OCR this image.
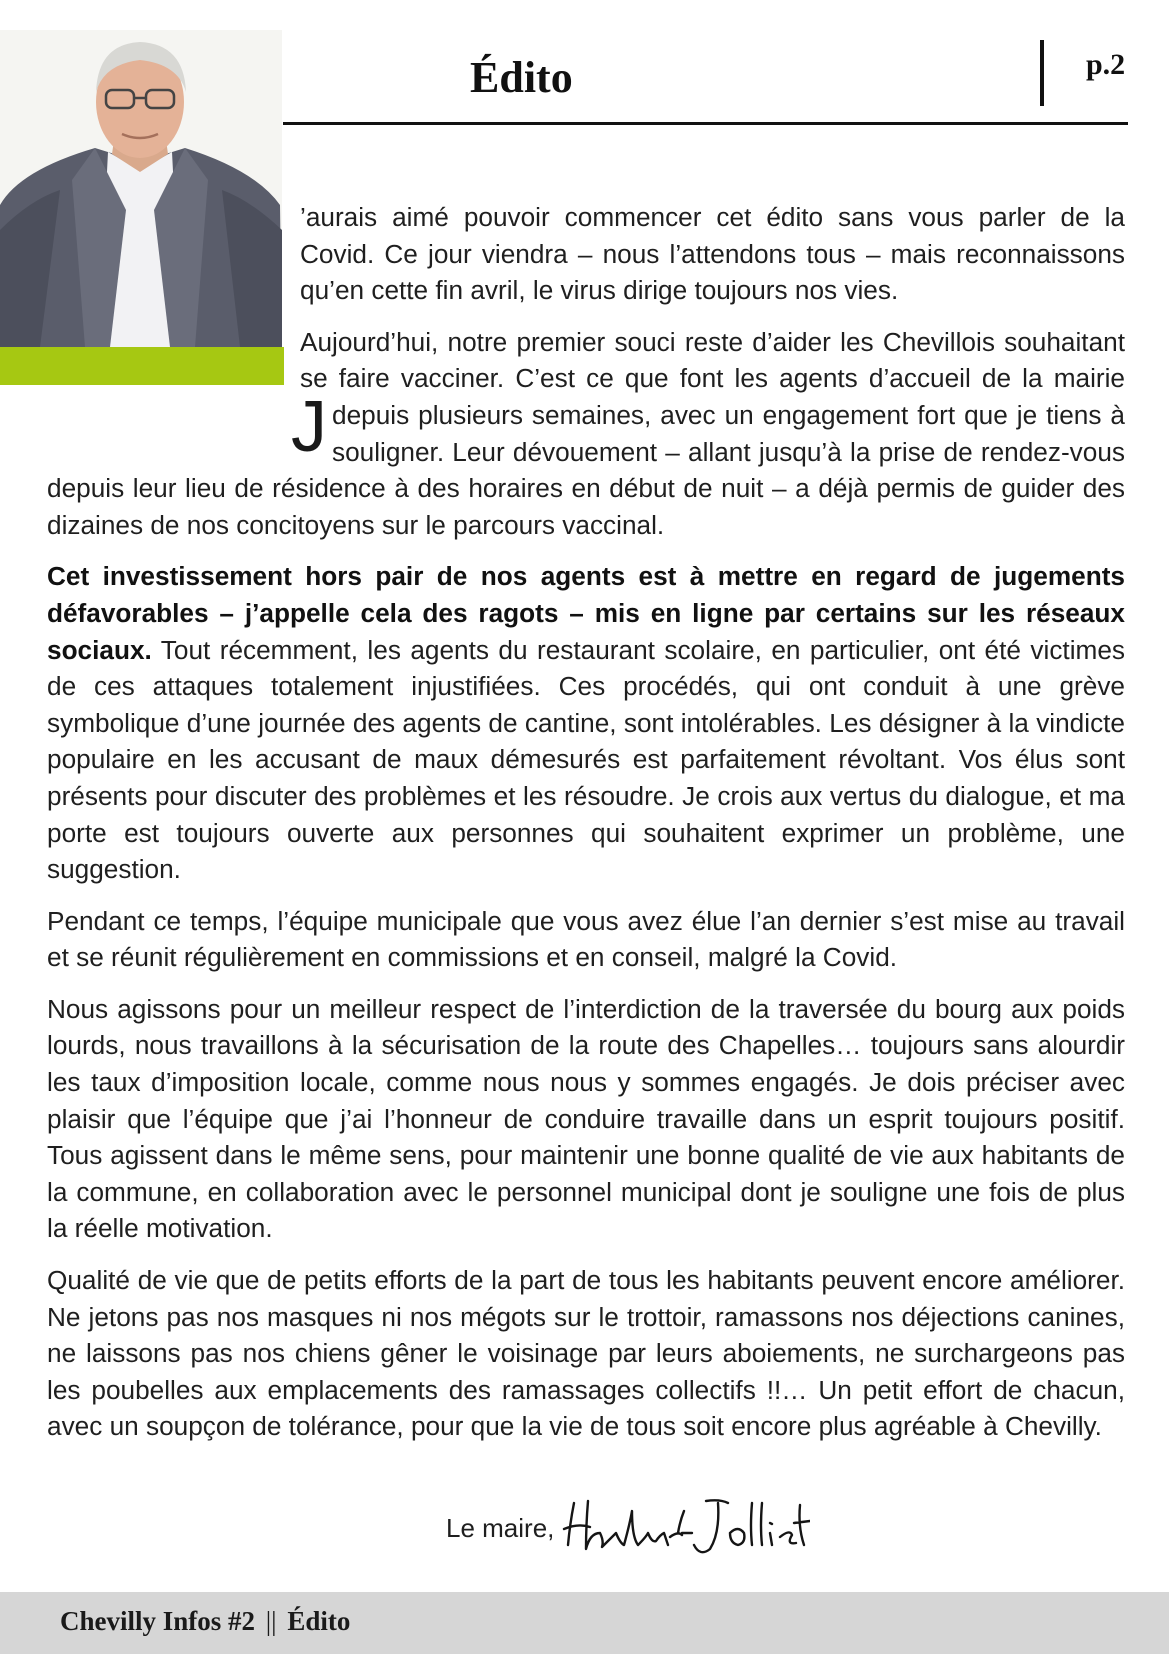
Édito	p.2

J
’aurais aimé pouvoir commencer cet édito sans vous parler de la Covid. Ce jour viendra – nous l’attendons tous – mais reconnaissons qu’en cette fin avril, le virus dirige toujours nos vies.

Aujourd’hui, notre premier souci reste d’aider les Chevillois souhaitant se faire vacciner. C’est ce que font les agents d’accueil de la mairie depuis plusieurs semaines, avec un engagement fort que je tiens à souligner. Leur dévouement – allant jusqu’à la prise de rendez-vous depuis leur lieu de résidence à des horaires en début de nuit – a déjà permis de guider des dizaines de nos concitoyens sur le parcours vaccinal.

Cet investissement hors pair de nos agents est à mettre en regard de jugements défavorables – j’appelle cela des ragots – mis en ligne par certains sur les réseaux sociaux. Tout récemment, les agents du restaurant scolaire, en particulier, ont été victimes de ces attaques totalement injustifiées. Ces procédés, qui ont conduit à une grève symbolique d’une journée des agents de cantine, sont intolérables. Les désigner à la vindicte populaire en les accusant de maux démesurés est parfaitement révoltant. Vos élus sont présents pour discuter des problèmes et les résoudre. Je crois aux vertus du dialogue, et ma porte est toujours ouverte aux personnes qui souhaitent exprimer un problème, une suggestion.

Pendant ce temps, l’équipe municipale que vous avez élue l’an dernier s’est mise au travail et se réunit régulièrement en commissions et en conseil, malgré la Covid.

Nous agissons pour un meilleur respect de l’interdiction de la traversée du bourg aux poids lourds, nous travaillons à la sécurisation de la route des Chapelles… toujours sans alourdir les taux d’imposition locale, comme nous nous y sommes engagés. Je dois préciser avec plaisir que l’équipe que j’ai l’honneur de conduire travaille dans un esprit toujours positif. Tous agissent dans le même sens, pour maintenir une bonne qualité de vie aux habitants de la commune, en collaboration avec le personnel municipal dont je souligne une fois de plus la réelle motivation.

Qualité de vie que de petits efforts de la part de tous les habitants peuvent encore améliorer. Ne jetons pas nos masques ni nos mégots sur le trottoir, ramassons nos déjections canines, ne laissons pas nos chiens gêner le voisinage par leurs aboiements, ne surchargeons pas les poubelles aux emplacements des ramassages collectifs !!… Un petit effort de chacun, avec un soupçon de tolérance, pour que la vie de tous soit encore plus agréable à Chevilly.

Le maire,
Chevilly Infos #2 || Édito
